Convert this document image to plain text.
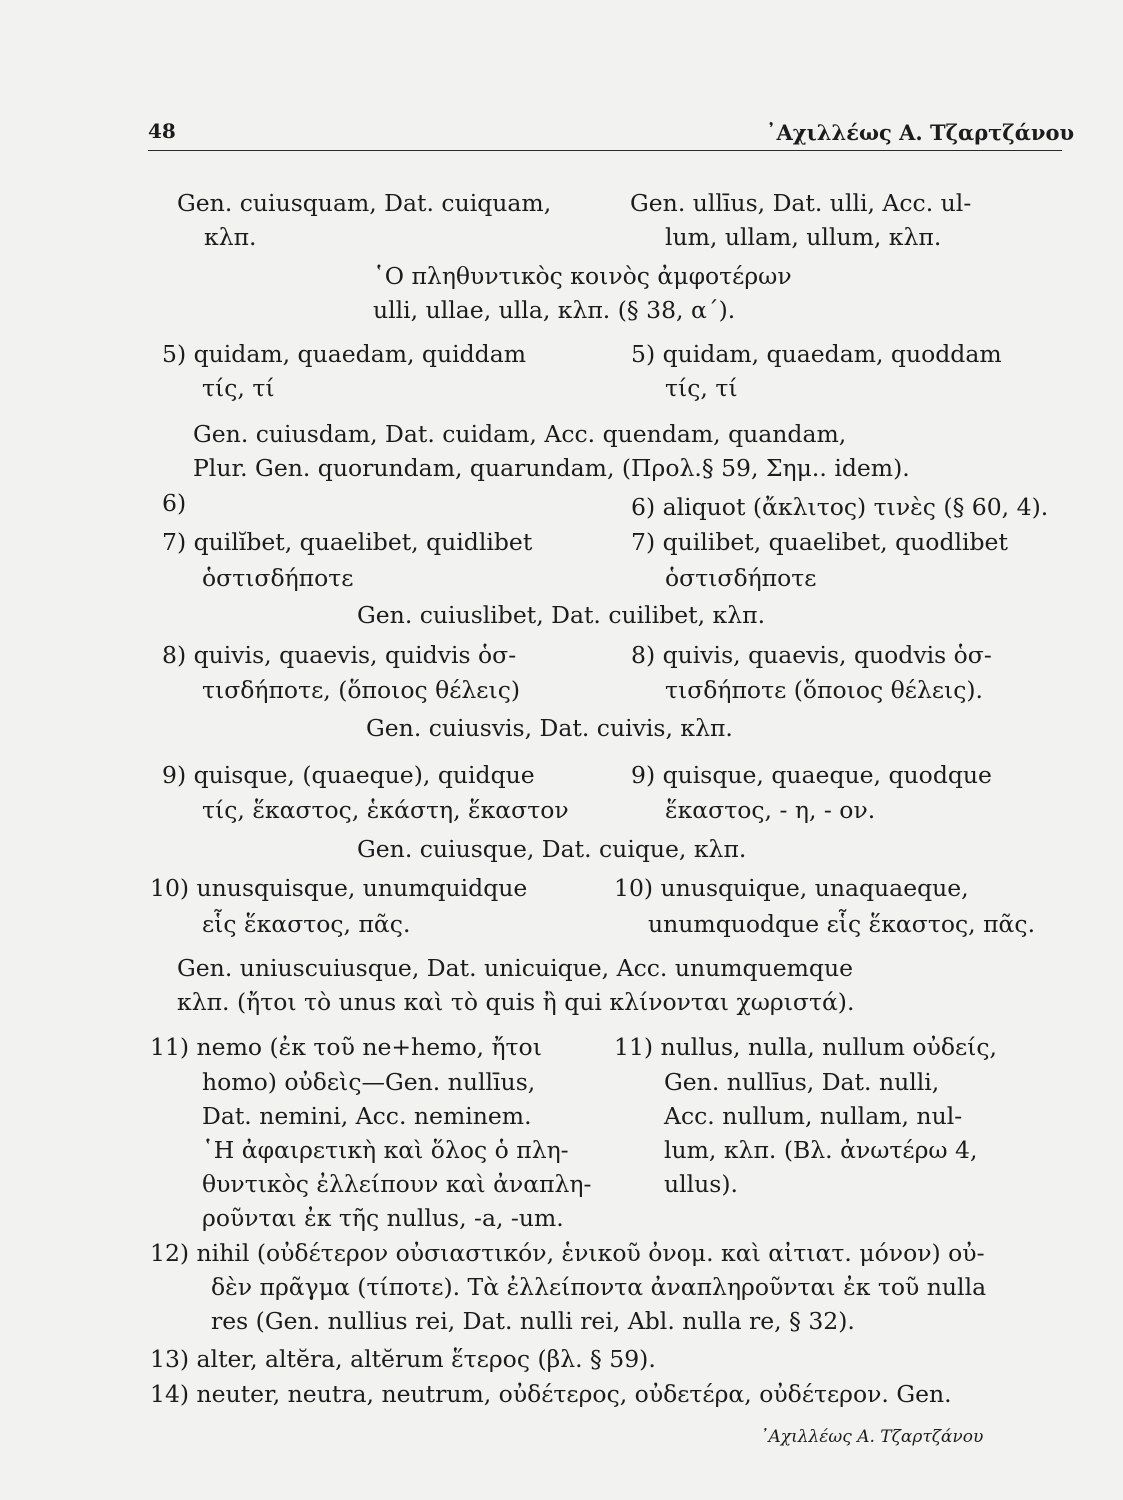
48	᾿Αχιλλέως Α. Τζαρτζάνου
Gen. cuiusquam, Dat. cuiquam,
κλπ.
Gen. ullīus, Dat. ulli, Acc. ul-
lum, ullam, ullum, κλπ.
῾Ο πληθυντικὸς κοινὸς ἀμφοτέρων
ulli, ullae, ulla, κλπ. (§ 38, α΄).
5) quidam, quaedam, quiddam
τίς, τί
5) quidam, quaedam, quoddam
τίς, τί
Gen. cuiusdam, Dat. cuidam, Acc. quendam, quandam,
Plur. Gen. quorundam, quarundam, (Προλ.§ 59, Σημ.. idem).
6)	6) aliquot (ἄκλιτος) τινὲς (§ 60, 4).
7) quilĭbet, quaelibet, quidlibet
ὁστισδήποτε
7) quilibet, quaelibet, quodlibet
ὁστισδήποτε
Gen. cuiuslibet, Dat. cuilibet, κλπ.
8) quivis, quaevis, quidvis ὁσ-
τισδήποτε, (ὅποιος θέλεις)
8) quivis, quaevis, quodvis ὁσ-
τισδήποτε (ὅποιος θέλεις).
Gen. cuiusvis, Dat. cuivis, κλπ.
9) quisque, (quaeque), quidque
τίς, ἕκαστος, ἑκάστη, ἕκαστον
9) quisque, quaeque, quodque
ἕκαστος, - η, - ον.
Gen. cuiusque, Dat. cuique, κλπ.
10) unusquisque, unumquidque
εἷς ἕκαστος, πᾶς.
10) unusquique, unaquaeque,
unumquodque εἷς ἕκαστος, πᾶς.
Gen. uniuscuiusque, Dat. unicuique, Acc. unumquemque
κλπ. (ἤτοι τὸ unus καὶ τὸ quis ἢ qui κλίνονται χωριστά).
11) nemo (ἐκ τοῦ ne+hemo, ἤτοι
homo) οὐδεὶς—Gen. nullīus,
Dat. nemini, Acc. neminem.
῾Η ἀφαιρετικὴ καὶ ὅλος ὁ πλη-
θυντικὸς ἐλλείπουν καὶ ἀναπλη-
ροῦνται ἐκ τῆς nullus, -a, -um.
11) nullus, nulla, nullum οὐδείς,
Gen. nullīus, Dat. nulli,
Acc. nullum, nullam, nul-
lum, κλπ. (Βλ. ἀνωτέρω 4,
ullus).
12) nihil (οὐδέτερον οὐσιαστικόν, ἑνικοῦ ὀνομ. καὶ αἰτιατ. μόνον) οὐ-
δὲν πρᾶγμα (τίποτε). Τὰ ἐλλείποντα ἀναπληροῦνται ἐκ τοῦ nulla
res (Gen. nullius rei, Dat. nulli rei, Abl. nulla re, § 32).
13) alter, altĕra, altĕrum ἕτερος (βλ. § 59).
14) neuter, neutra, neutrum, οὐδέτερος, οὐδετέρα, οὐδέτερον. Gen.
᾿Αχιλλέως Α. Τζαρτζάνου
